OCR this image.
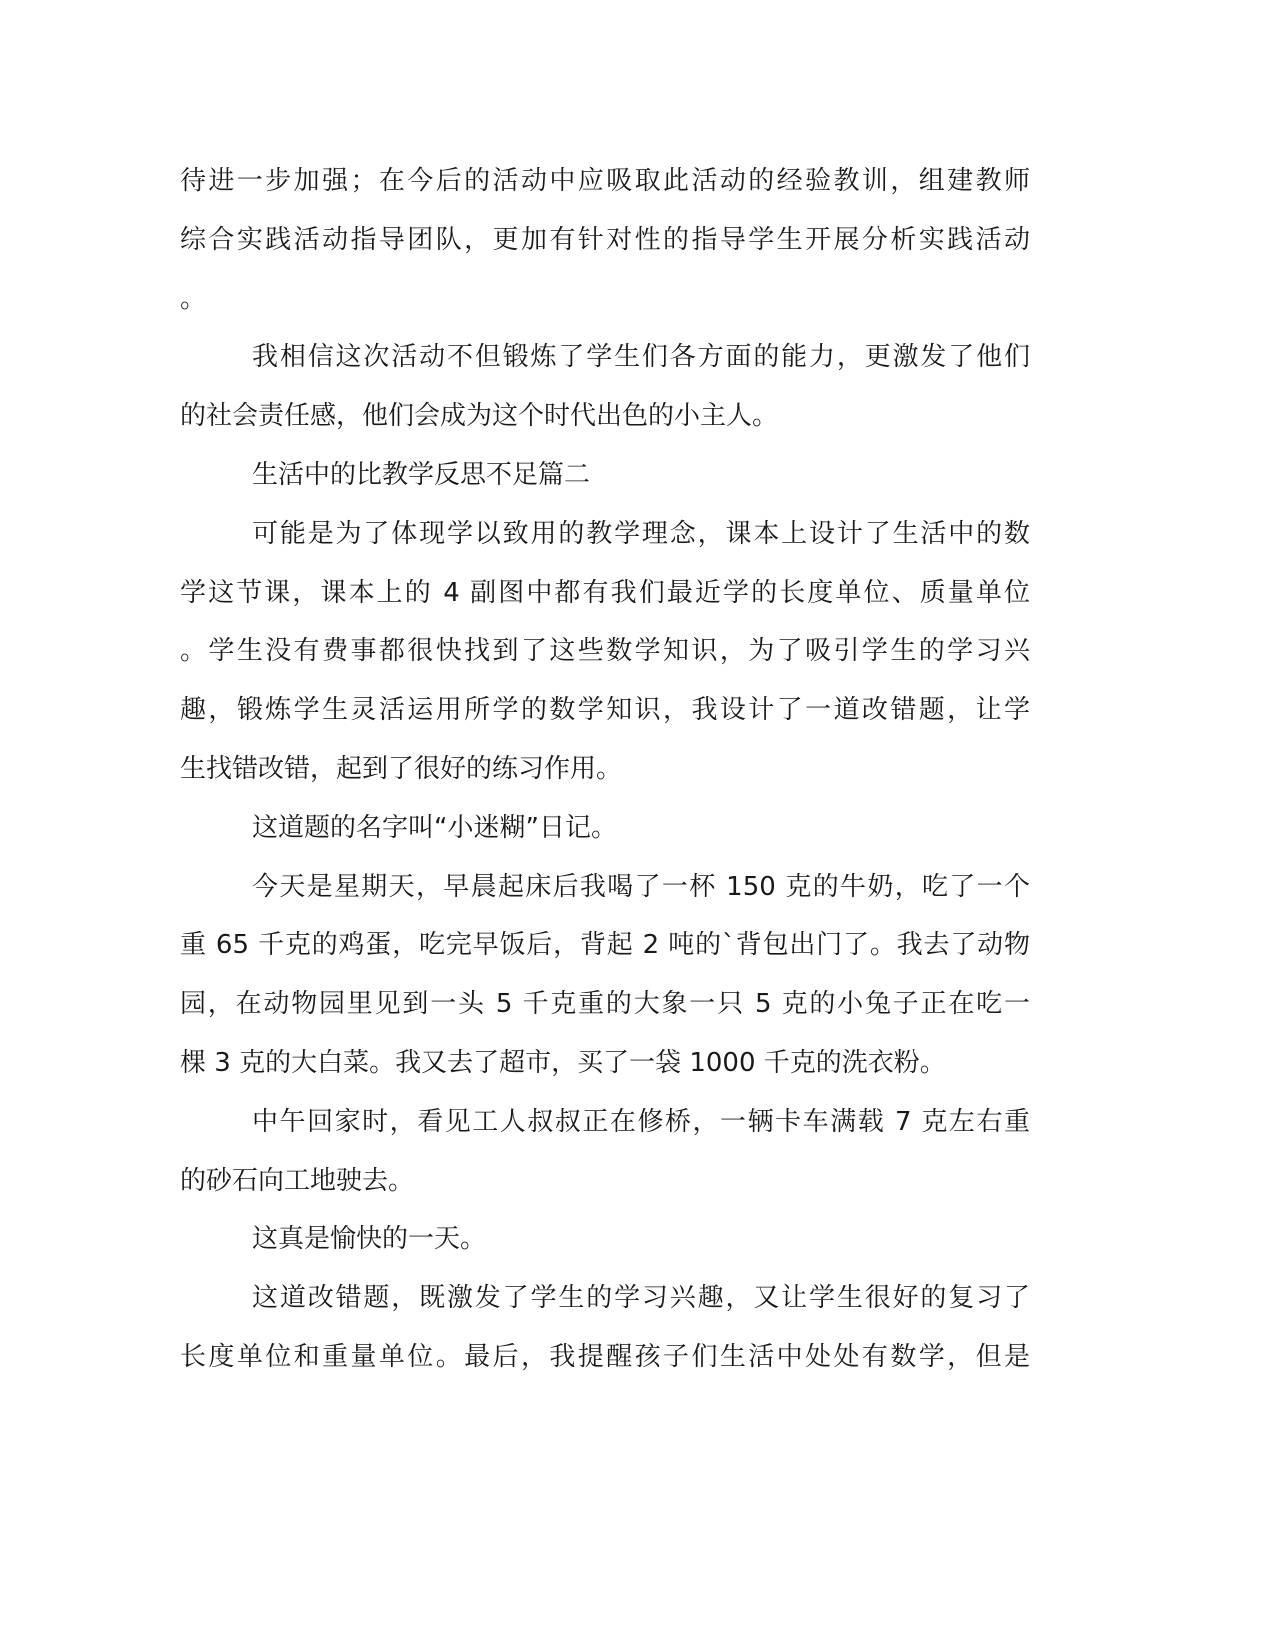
待进一步加强；在今后的活动中应吸取此活动的经验教训，组建教师
综合实践活动指导团队，更加有针对性的指导学生开展分析实践活动
。
我相信这次活动不但锻炼了学生们各方面的能力，更激发了他们
的社会责任感，他们会成为这个时代出色的小主人。
生活中的比教学反思不足篇二
可能是为了体现学以致用的教学理念，课本上设计了生活中的数
学这节课，课本上的 4 副图中都有我们最近学的长度单位、质量单位
。学生没有费事都很快找到了这些数学知识，为了吸引学生的学习兴
趣，锻炼学生灵活运用所学的数学知识，我设计了一道改错题，让学
生找错改错，起到了很好的练习作用。
这道题的名字叫“小迷糊”日记。
今天是星期天，早晨起床后我喝了一杯 150 克的牛奶，吃了一个
重 65 千克的鸡蛋，吃完早饭后，背起 2 吨的`背包出门了。我去了动物
园，在动物园里见到一头 5 千克重的大象一只 5 克的小兔子正在吃一
棵 3 克的大白菜。我又去了超市，买了一袋 1000 千克的洗衣粉。
中午回家时，看见工人叔叔正在修桥，一辆卡车满载 7 克左右重
的砂石向工地驶去。
这真是愉快的一天。
这道改错题，既激发了学生的学习兴趣，又让学生很好的复习了
长度单位和重量单位。最后，我提醒孩子们生活中处处有数学，但是
